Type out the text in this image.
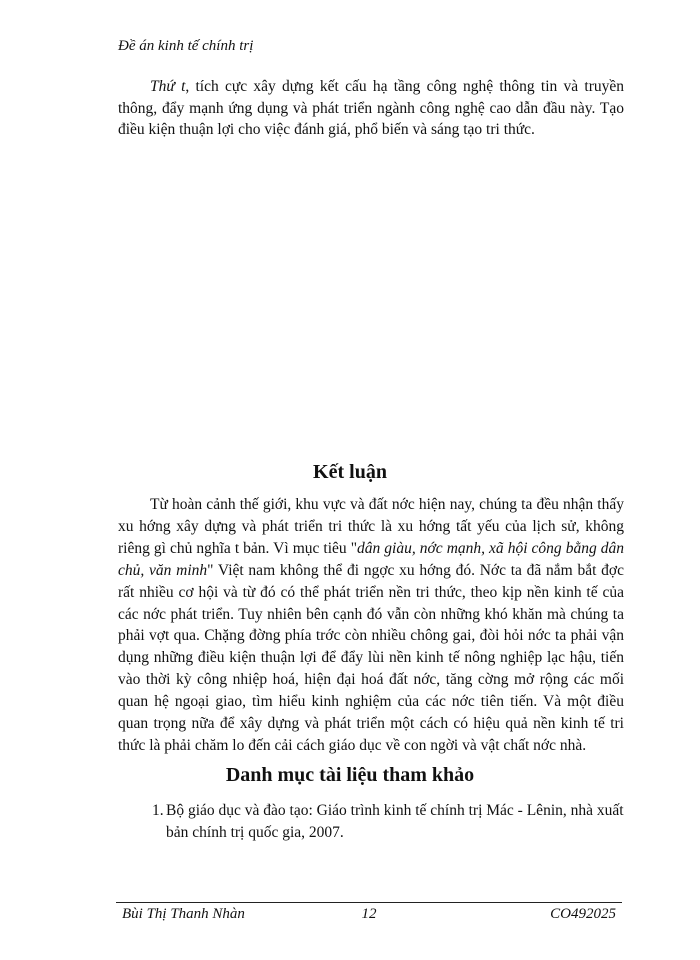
Đề án kinh tế chính trị

Thứ t, tích cực xây dựng kết cấu hạ tầng công nghệ thông tin và truyền thông, đẩy mạnh ứng dụng và phát triển ngành công nghệ cao dẫn đầu này. Tạo điều kiện thuận lợi cho việc đánh giá, phổ biến và sáng tạo tri thức.

Kết luận

Từ hoàn cảnh thế giới, khu vực và đất nớc hiện nay, chúng ta đều nhận thấy xu hớng xây dựng và phát triển tri thức là xu hớng tất yếu của lịch sử, không riêng gì chủ nghĩa t bản. Vì mục tiêu "dân giàu, nớc mạnh, xã hội công bằng dân chủ, văn minh" Việt nam không thể đi ngợc xu hớng đó. Nớc ta đã nắm bắt đợc rất nhiều cơ hội và từ đó có thể phát triển nền tri thức, theo kịp nền kinh tế của các nớc phát triển. Tuy nhiên bên cạnh đó vẫn còn những khó khăn mà chúng ta phải vợt qua. Chặng đờng phía trớc còn nhiều chông gai, đòi hỏi nớc ta phải vận dụng những điều kiện thuận lợi để đẩy lùi nền kinh tế nông nghiệp lạc hậu, tiến vào thời kỳ công nhiệp hoá, hiện đại hoá đất nớc, tăng cờng mở rộng các mối quan hệ ngoại giao, tìm hiểu kinh nghiệm của các nớc tiên tiến. Và một điều quan trọng nữa để xây dựng và phát triển một cách có hiệu quả nền kinh tế tri thức là phải chăm lo đến cải cách giáo dục về con ngời và vật chất nớc nhà.

Danh mục tài liệu tham khảo
1. Bộ giáo dục và đào tạo: Giáo trình kinh tế chính trị Mác - Lênin, nhà xuất bản chính trị quốc gia, 2007.
Bùi Thị Thanh Nhàn	12	CO492025
